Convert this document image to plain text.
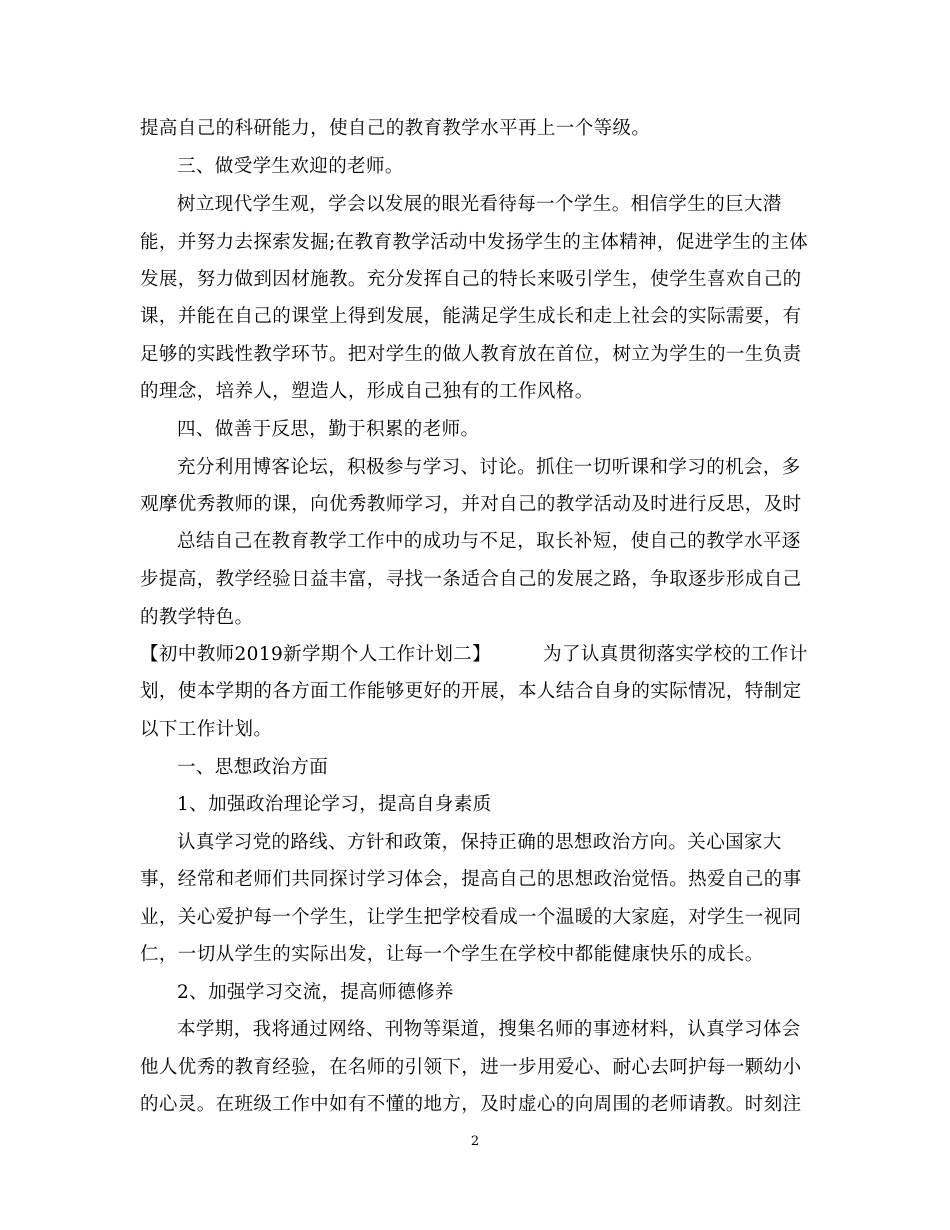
提高自己的科研能力，使自己的教育教学水平再上一个等级。
三、做受学生欢迎的老师。
树立现代学生观，学会以发展的眼光看待每一个学生。相信学生的巨大潜
能，并努力去探索发掘;在教育教学活动中发扬学生的主体精神，促进学生的主体
发展，努力做到因材施教。充分发挥自己的特长来吸引学生，使学生喜欢自己的
课，并能在自己的课堂上得到发展，能满足学生成长和走上社会的实际需要，有
足够的实践性教学环节。把对学生的做人教育放在首位，树立为学生的一生负责
的理念，培养人，塑造人，形成自己独有的工作风格。
四、做善于反思，勤于积累的老师。
充分利用博客论坛，积极参与学习、讨论。抓住一切听课和学习的机会，多
观摩优秀教师的课，向优秀教师学习，并对自己的教学活动及时进行反思，及时
总结自己在教育教学工作中的成功与不足，取长补短，使自己的教学水平逐
步提高，教学经验日益丰富，寻找一条适合自己的发展之路，争取逐步形成自己
的教学特色。
【初中教师2019新学期个人工作计划二】	为了认真贯彻落实学校的工作计
划，使本学期的各方面工作能够更好的开展，本人结合自身的实际情况，特制定
以下工作计划。
一、思想政治方面
1、加强政治理论学习，提高自身素质
认真学习党的路线、方针和政策，保持正确的思想政治方向。关心国家大
事，经常和老师们共同探讨学习体会，提高自己的思想政治觉悟。热爱自己的事
业，关心爱护每一个学生，让学生把学校看成一个温暖的大家庭，对学生一视同
仁，一切从学生的实际出发，让每一个学生在学校中都能健康快乐的成长。
2、加强学习交流，提高师德修养
本学期，我将通过网络、刊物等渠道，搜集名师的事迹材料，认真学习体会
他人优秀的教育经验，在名师的引领下，进一步用爱心、耐心去呵护每一颗幼小
的心灵。在班级工作中如有不懂的地方，及时虚心的向周围的老师请教。时刻注
2
